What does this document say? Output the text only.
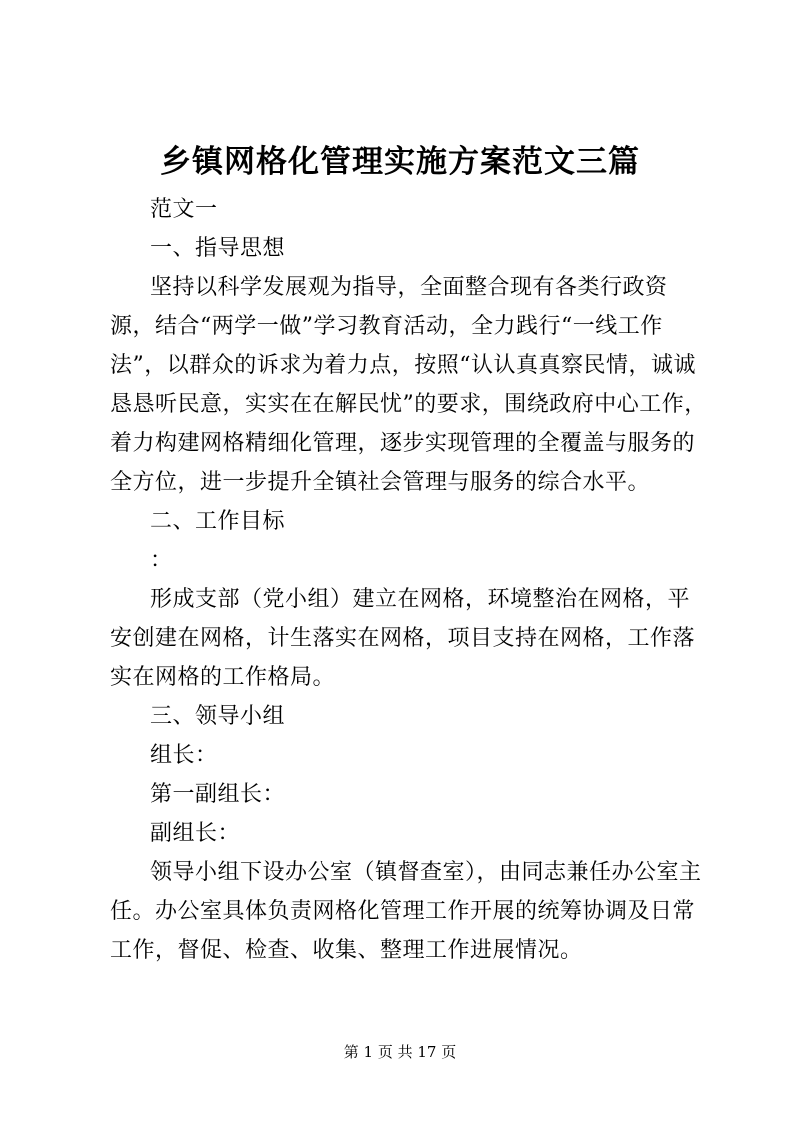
乡镇网格化管理实施方案范文三篇

范文一

一、指导思想

坚持以科学发展观为指导，全面整合现有各类行政资源，结合“两学一做”学习教育活动，全力践行“一线工作法”，以群众的诉求为着力点，按照“认认真真察民情，诚诚恳恳听民意，实实在在解民忧”的要求，围绕政府中心工作，着力构建网格精细化管理，逐步实现管理的全覆盖与服务的全方位，进一步提升全镇社会管理与服务的综合水平。

二、工作目标

：

形成支部（党小组）建立在网格，环境整治在网格，平安创建在网格，计生落实在网格，项目支持在网格，工作落实在网格的工作格局。

三、领导小组

组长：

第一副组长：

副组长：

领导小组下设办公室（镇督查室），由同志兼任办公室主任。办公室具体负责网格化管理工作开展的统筹协调及日常工作，督促、检查、收集、整理工作进展情况。

第 1 页 共 17 页
